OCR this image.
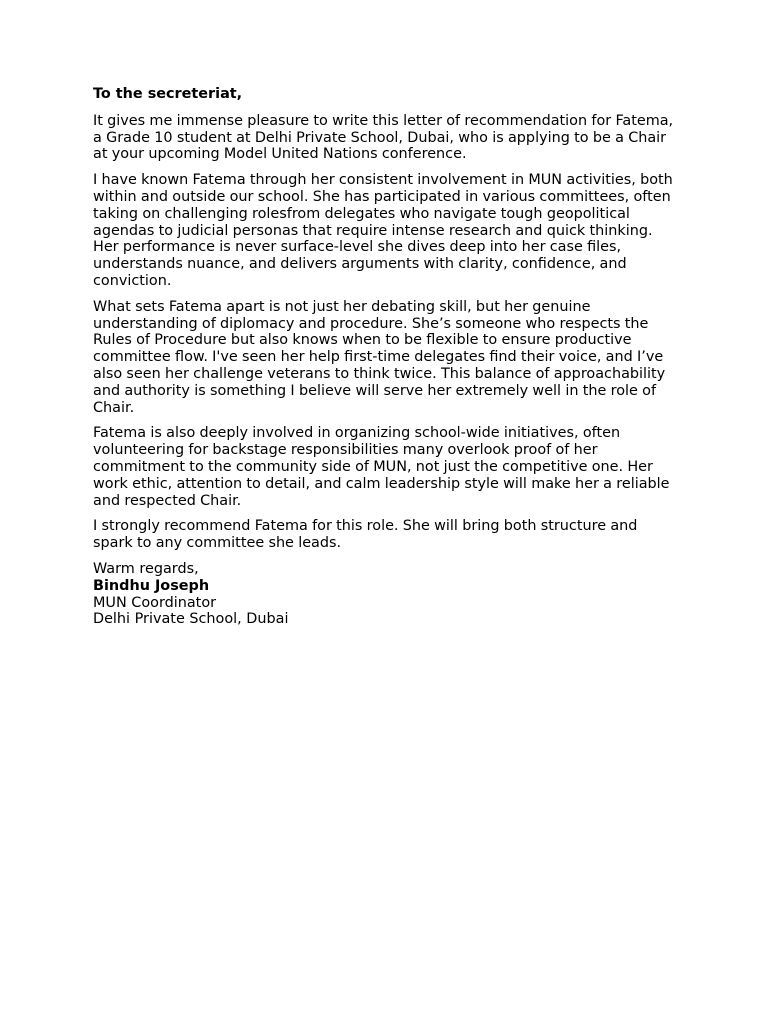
To the secreteriat,

It gives me immense pleasure to write this letter of recommendation for Fatema, a Grade 10 student at Delhi Private School, Dubai, who is applying to be a Chair at your upcoming Model United Nations conference.

I have known Fatema through her consistent involvement in MUN activities, both within and outside our school. She has participated in various committees, often taking on challenging rolesfrom delegates who navigate tough geopolitical agendas to judicial personas that require intense research and quick thinking. Her performance is never surface-level she dives deep into her case files, understands nuance, and delivers arguments with clarity, confidence, and conviction.

What sets Fatema apart is not just her debating skill, but her genuine understanding of diplomacy and procedure. She’s someone who respects the Rules of Procedure but also knows when to be flexible to ensure productive committee flow. I've seen her help first-time delegates find their voice, and I’ve also seen her challenge veterans to think twice. This balance of approachability and authority is something I believe will serve her extremely well in the role of Chair.

Fatema is also deeply involved in organizing school-wide initiatives, often volunteering for backstage responsibilities many overlook proof of her commitment to the community side of MUN, not just the competitive one. Her work ethic, attention to detail, and calm leadership style will make her a reliable and respected Chair.

I strongly recommend Fatema for this role. She will bring both structure and spark to any committee she leads.

Warm regards,
Bindhu Joseph
MUN Coordinator
Delhi Private School, Dubai
